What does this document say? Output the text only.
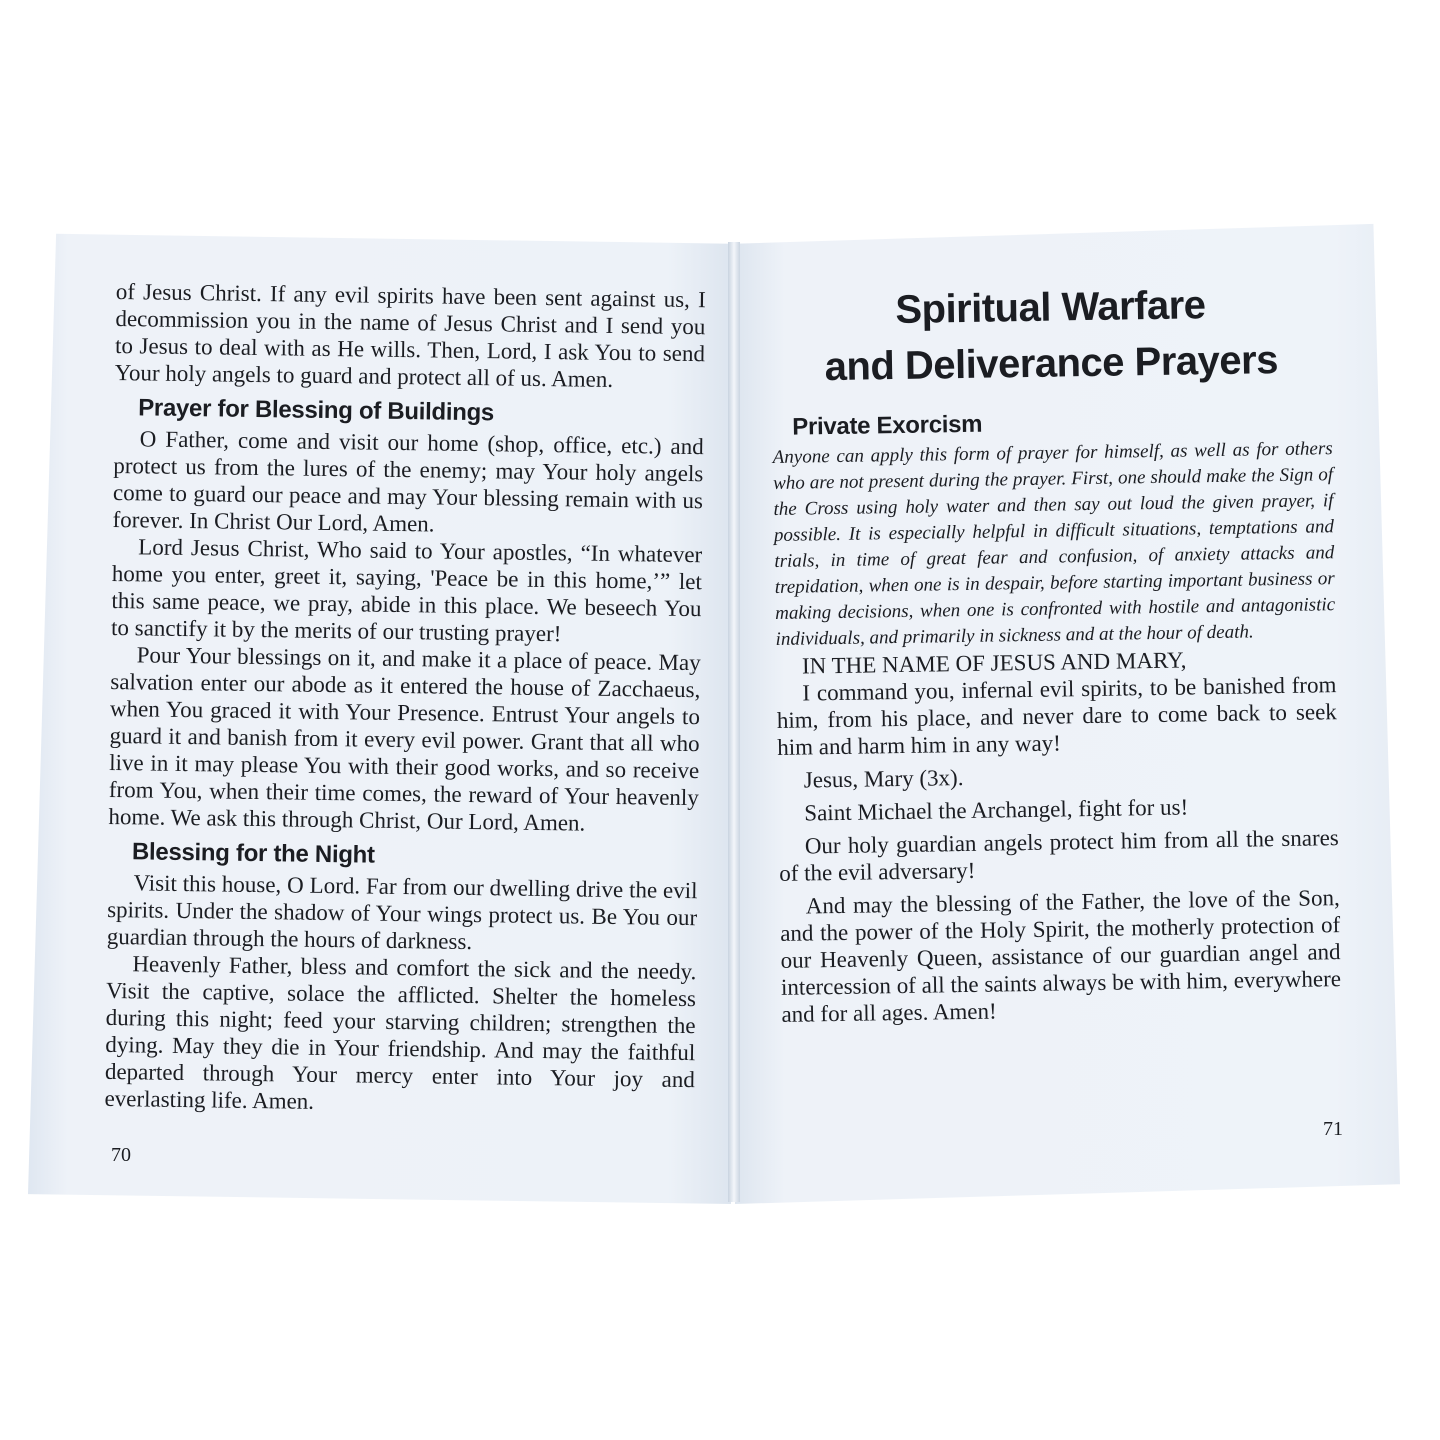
of Jesus Christ. If any evil spirits have been sent against us, I decommission you in the name of Jesus Christ and I send you to Jesus to deal with as He wills. Then, Lord, I ask You to send Your holy angels to guard and protect all of us. Amen.

Prayer for Blessing of Buildings

O Father, come and visit our home (shop, office, etc.) and protect us from the lures of the enemy; may Your holy angels come to guard our peace and may Your blessing remain with us forever. In Christ Our Lord, Amen.

Lord Jesus Christ, Who said to Your apostles, “In whatever home you enter, greet it, saying, 'Peace be in this home,’” let this same peace, we pray, abide in this place. We beseech You to sanctify it by the merits of our trusting prayer!

Pour Your blessings on it, and make it a place of peace. May salvation enter our abode as it entered the house of Zacchaeus, when You graced it with Your Presence. Entrust Your angels to guard it and banish from it every evil power. Grant that all who live in it may please You with their good works, and so receive from You, when their time comes, the reward of Your heavenly home. We ask this through Christ, Our Lord, Amen.

Blessing for the Night

Visit this house, O Lord. Far from our dwelling drive the evil spirits. Under the shadow of Your wings protect us. Be You our guardian through the hours of darkness.

Heavenly Father, bless and comfort the sick and the needy. Visit the captive, solace the afflicted. Shelter the homeless during this night; feed your starving children; strengthen the dying. May they die in Your friendship. And may the faithful departed through Your mercy enter into Your joy and everlasting life. Amen.

Spiritual Warfare
and Deliverance Prayers
Private Exorcism

Anyone can apply this form of prayer for himself, as well as for others who are not present during the prayer. First, one should make the Sign of the Cross using holy water and then say out loud the given prayer, if possible. It is especially helpful in difficult situations, temptations and trials, in time of great fear and confusion, of anxiety attacks and trepidation, when one is in despair, before starting important business or making decisions, when one is confronted with hostile and antagonistic individuals, and primarily in sickness and at the hour of death.

IN THE NAME OF JESUS AND MARY,

I command you, infernal evil spirits, to be banished from him, from his place, and never dare to come back to seek him and harm him in any way!

Jesus, Mary (3x).

Saint Michael the Archangel, fight for us!

Our holy guardian angels protect him from all the snares of the evil adversary!

And may the blessing of the Father, the love of the Son, and the power of the Holy Spirit, the motherly protection of our Heavenly Queen, assistance of our guardian angel and intercession of all the saints always be with him, everywhere and for all ages. Amen!

70
71
